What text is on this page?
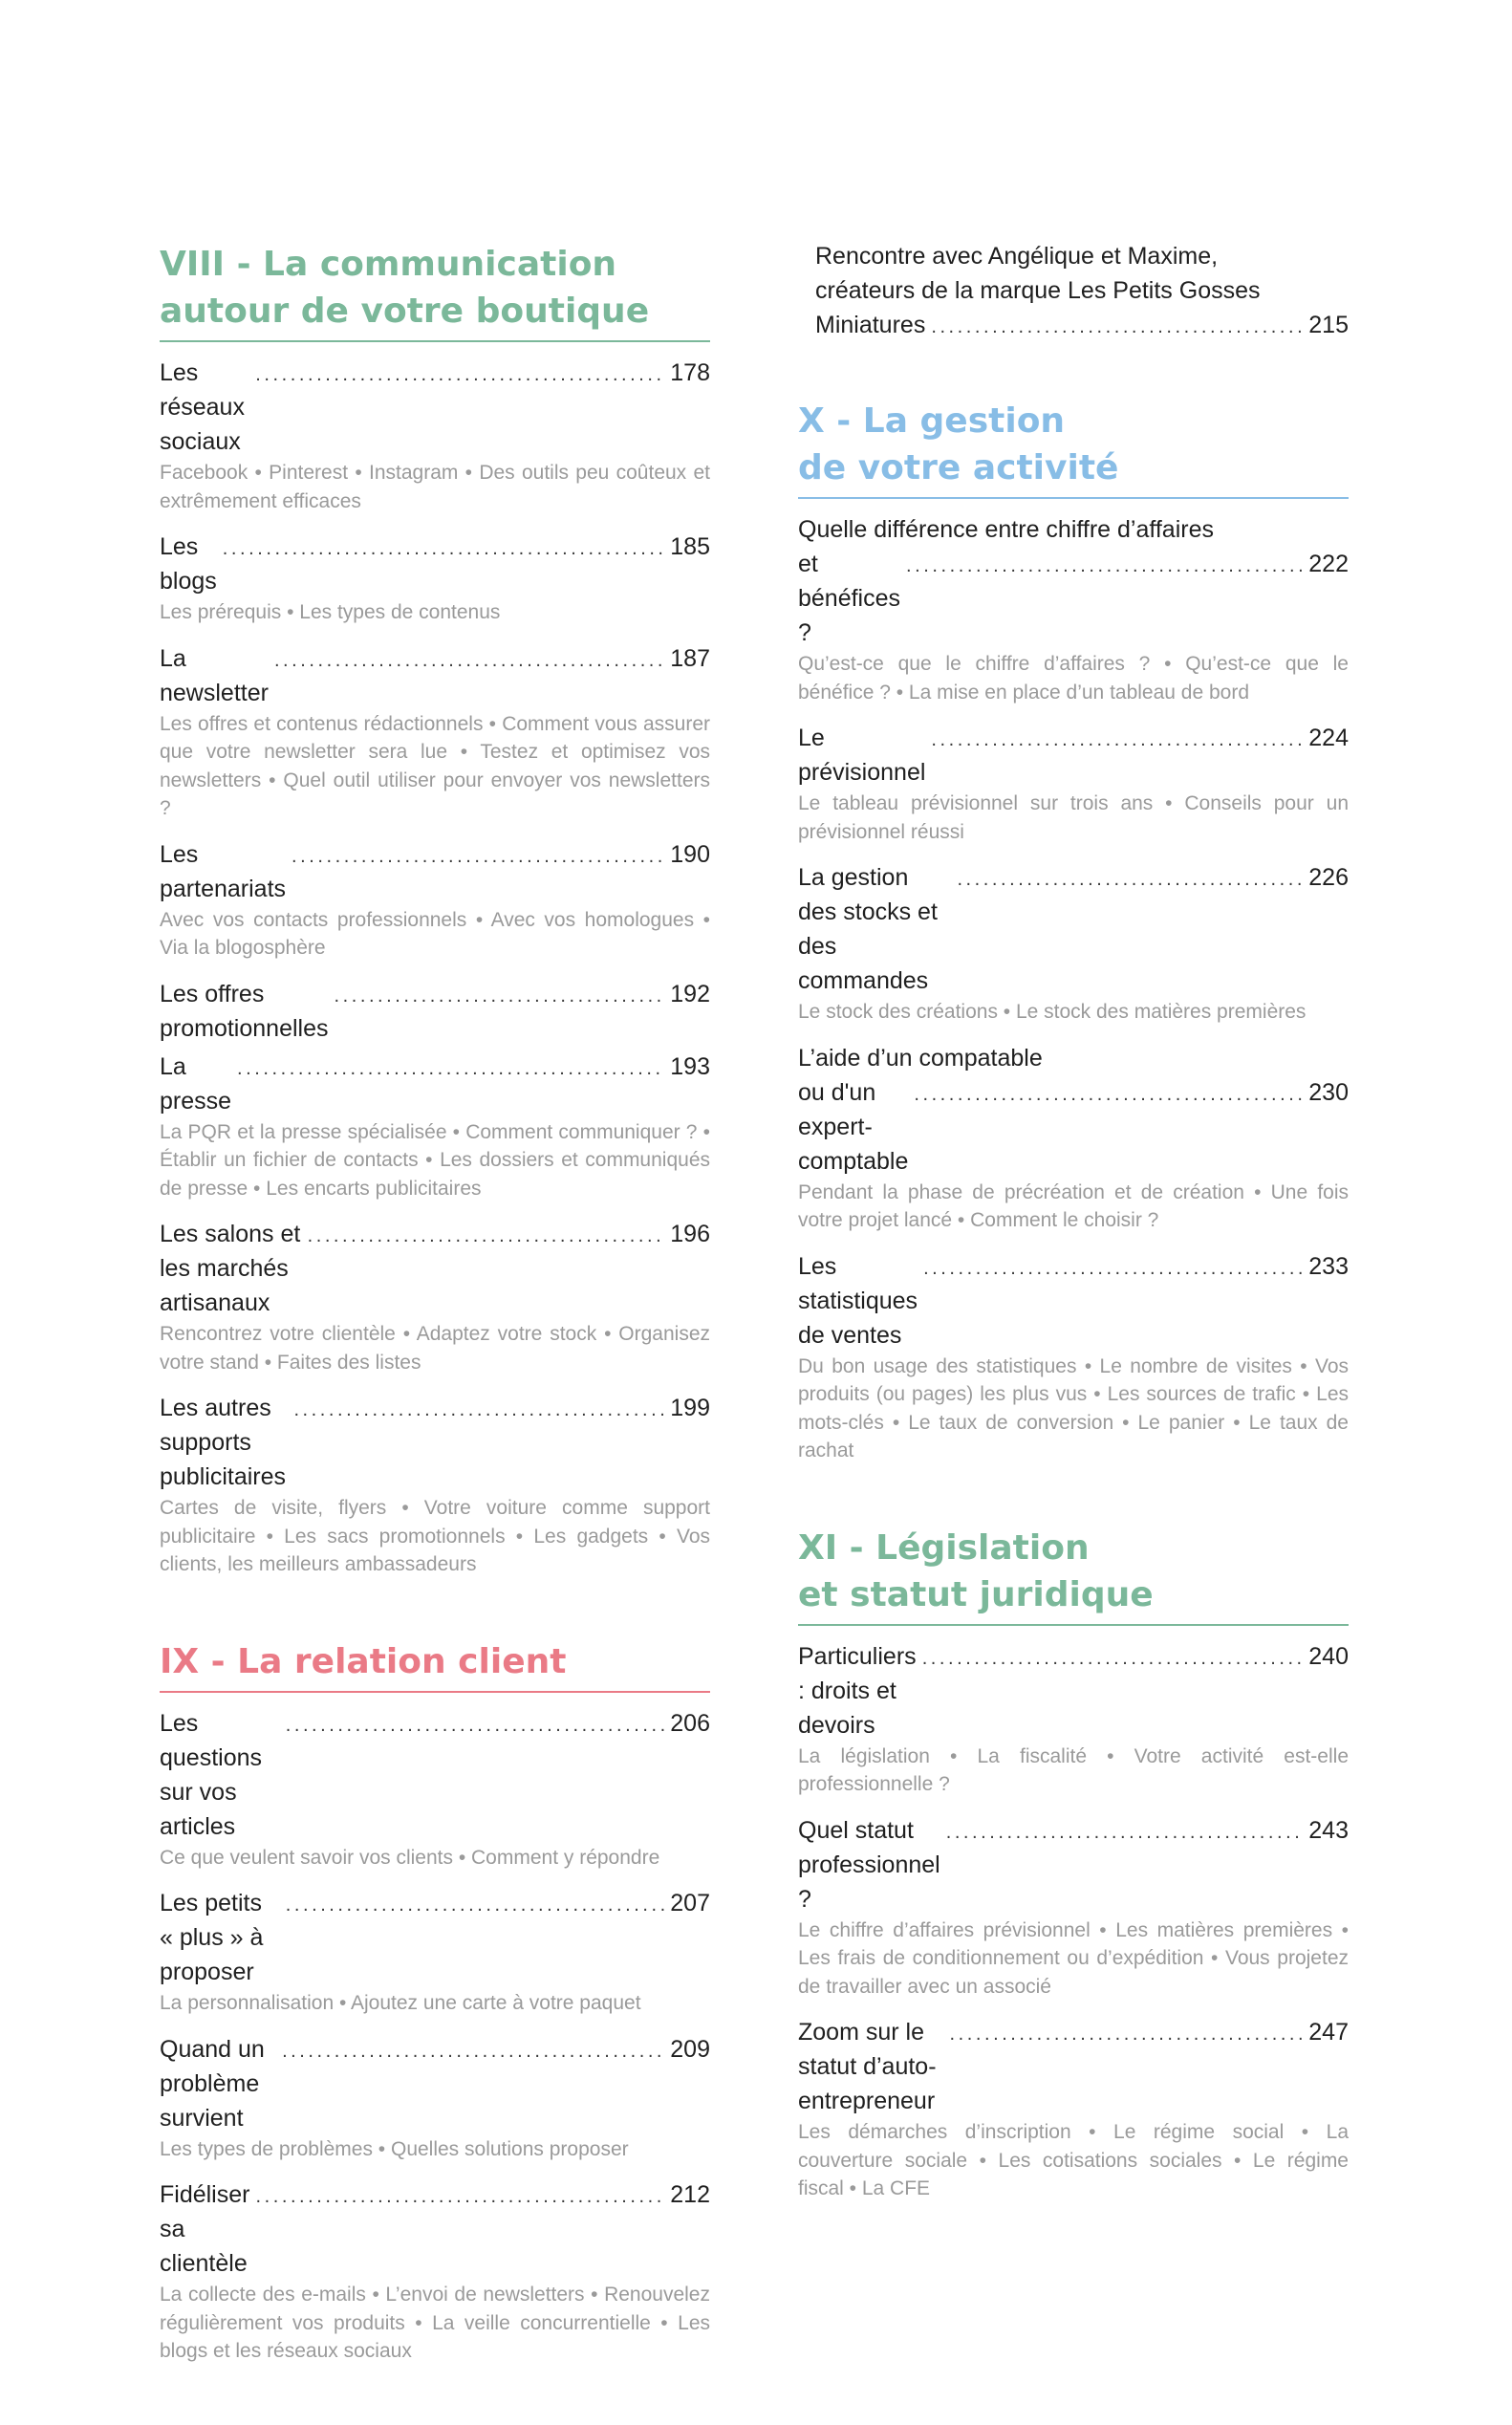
VIII - La communication
autour de votre boutique
Les réseaux sociaux
. . .
178
Facebook • Pinterest • Instagram • Des outils peu coûteux et extrêmement efficaces
Les blogs
. . .
185
Les prérequis • Les types de contenus
La newsletter
. . .
187
Les offres et contenus rédactionnels • Comment vous assurer que votre newsletter sera lue • Testez et optimisez vos newsletters • Quel outil utiliser pour envoyer vos newsletters ?
Les partenariats
. . .
190
Avec vos contacts professionnels • Avec vos homologues • Via la blogosphère
Les offres promotionnelles
. . .
192
La presse
. . .
193
La PQR et la presse spécialisée • Comment communiquer ? • Établir un fichier de contacts • Les dossiers et communiqués de presse • Les encarts publicitaires
Les salons et les marchés artisanaux
. . .
196
Rencontrez votre clientèle • Adaptez votre stock • Organisez votre stand • Faites des listes
Les autres supports publicitaires
. . .
199
Cartes de visite, flyers • Votre voiture comme support publicitaire • Les sacs promotionnels • Les gadgets • Vos clients, les meilleurs ambassadeurs
IX - La relation client
Les questions sur vos articles
. . .
206
Ce que veulent savoir vos clients • Comment y répondre
Les petits « plus » à proposer
. . .
207
La personnalisation • Ajoutez une carte à votre paquet
Quand un problème survient
. . .
209
Les types de problèmes • Quelles solutions proposer
Fidéliser sa clientèle
. . .
212
La collecte des e-mails • L’envoi de newsletters • Renouvelez régulièrement vos produits • La veille concurrentielle • Les blogs et les réseaux sociaux
Rencontre avec Angélique et Maxime,
créateurs de la marque Les Petits Gosses
Miniatures
. . .	215
X - La gestion
de votre activité
Quelle différence entre chiffre d’affaires
et bénéfices ?
. . .
222
Qu’est-ce que le chiffre d’affaires ? • Qu’est-ce que le bénéfice ? • La mise en place d’un tableau de bord
Le prévisionnel
. . .
224
Le tableau prévisionnel sur trois ans • Conseils pour un prévisionnel réussi
La gestion des stocks et des commandes
. . .
226
Le stock des créations • Le stock des matières premières
L’aide d’un compatable
ou d'un expert-comptable
. . .
230
Pendant la phase de précréation et de création • Une fois votre projet lancé • Comment le choisir ?
Les statistiques de ventes
. . .
233
Du bon usage des statistiques • Le nombre de visites • Vos produits (ou pages) les plus vus • Les sources de trafic • Les mots-clés • Le taux de conversion • Le panier • Le taux de rachat
XI - Législation
et statut juridique
Particuliers : droits et devoirs
. . .
240
La législation • La fiscalité • Votre activité est-elle professionnelle ?
Quel statut professionnel ?
. . .
243
Le chiffre d’affaires prévisionnel • Les matières premières • Les frais de conditionnement ou d’expédition • Vous projetez de travailler avec un associé
Zoom sur le statut d’auto-entrepreneur
. . .
247
Les démarches d’inscription • Le régime social • La couverture sociale • Les cotisations sociales • Le régime fiscal • La CFE
